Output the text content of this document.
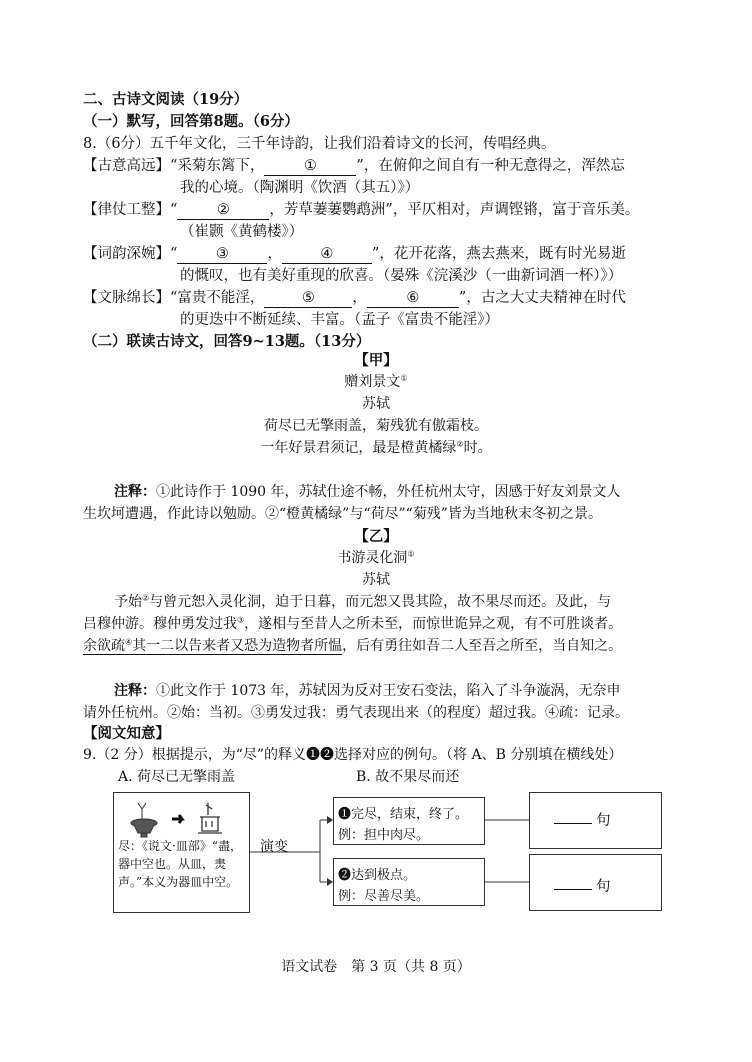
二、古诗文阅读（19分）
（一）默写，回答第8题。（6分）
8.（6分）五千年文化，三千年诗韵，让我们沿着诗文的长河，传唱经典。
【古意高远】“采菊东篱下，	①	”，在俯仰之间自有一种无意得之，浑然忘
我的心境。（陶渊明《饮酒（其五）》）
【律仗工整】“	②	，芳草萋萋鹦鹉洲”，平仄相对，声调铿锵，富于音乐美。
（崔颢《黄鹤楼》）
【词韵深婉】“	③	，	④	”，花开花落，燕去燕来，既有时光易逝
的慨叹，也有美好重现的欣喜。（晏殊《浣溪沙（一曲新词酒一杯）》）
【文脉绵长】“富贵不能淫，	⑤	，	⑥	”，古之大丈夫精神在时代
的更迭中不断延续、丰富。（孟子《富贵不能淫》）
（二）联读古诗文，回答9~13题。（13分）
【甲】
赠刘景文①
苏轼
荷尽已无擎雨盖，菊残犹有傲霜枝。
一年好景君须记，最是橙黄橘绿②时。
注释：①此诗作于 1090 年，苏轼仕途不畅，外任杭州太守，因感于好友刘景文人
生坎坷遭遇，作此诗以勉励。②“橙黄橘绿”与“荷尽”“菊残”皆为当地秋末冬初之景。
【乙】
书游灵化洞①
苏轼
予始②与曾元恕入灵化洞，迫于日暮，而元恕又畏其险，故不果尽而还。及此，与
吕穆仲游。穆仲勇发过我③，遂相与至昔人之所未至，而惊世诡异之观，有不可胜谈者。
余欲疏④其一二以告来者又恐为造物者所愠，后有勇往如吾二人至吾之所至，当自知之。
注释：①此文作于 1073 年，苏轼因为反对王安石变法，陷入了斗争漩涡，无奈申
请外任杭州。②始：当初。③勇发过我：勇气表现出来（的程度）超过我。④疏：记录。
【阅文知意】
9.（2 分）根据提示，为“尽”的释义❶❷选择对应的例句。（将 A、B 分别填在横线处）
A. 荷尽已无擎雨盖	B. 故不果尽而还
尽：《说文·皿部》“盡，器中空也。从皿，㶳声。”本义为器皿中空。
演变
❶完尽，结束，终了。
例：担中肉尽。
❷达到极点。
例：尽善尽美。
句
句
语文试卷　第 3 页（共 8 页）
